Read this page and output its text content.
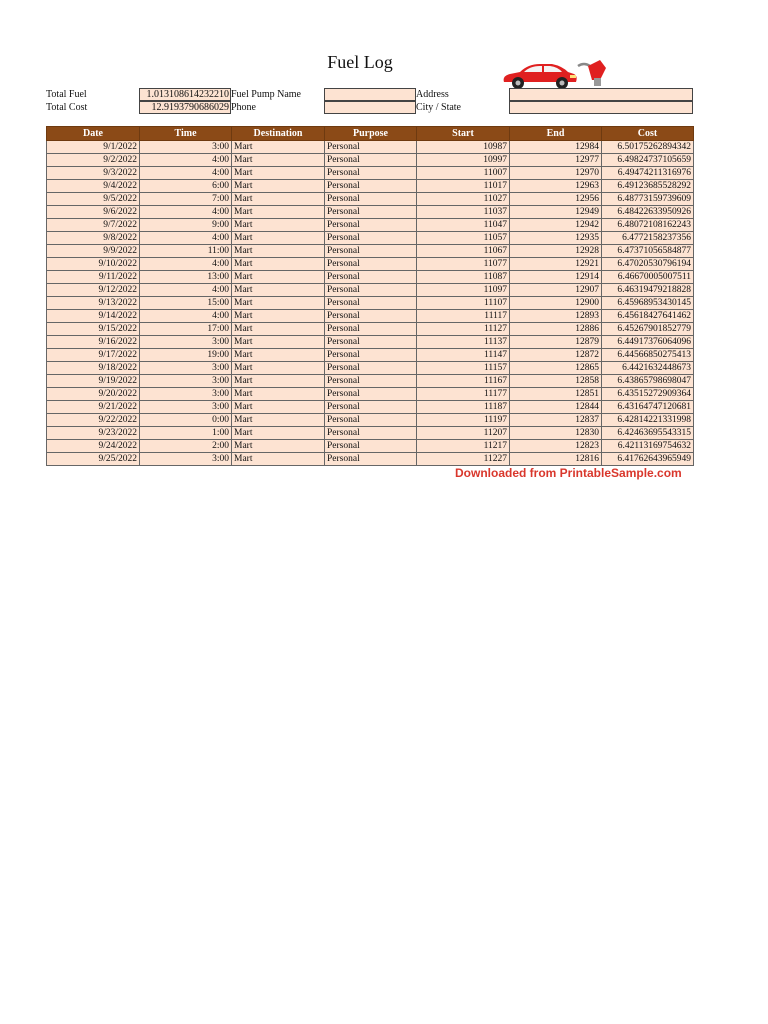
Fuel Log
Total Fuel	1.013108614232210
Total Cost	12.9193790686029
Fuel Pump Name
Phone
Address
City / State
Date	Time	Destination	Purpose	Start	End	Cost
9/1/2022	3:00	Mart	Personal	10987	12984	6.50175262894342
9/2/2022	4:00	Mart	Personal	10997	12977	6.49824737105659
9/3/2022	4:00	Mart	Personal	11007	12970	6.49474211316976
9/4/2022	6:00	Mart	Personal	11017	12963	6.49123685528292
9/5/2022	7:00	Mart	Personal	11027	12956	6.48773159739609
9/6/2022	4:00	Mart	Personal	11037	12949	6.48422633950926
9/7/2022	9:00	Mart	Personal	11047	12942	6.48072108162243
9/8/2022	4:00	Mart	Personal	11057	12935	6.4772158237356
9/9/2022	11:00	Mart	Personal	11067	12928	6.47371056584877
9/10/2022	4:00	Mart	Personal	11077	12921	6.47020530796194
9/11/2022	13:00	Mart	Personal	11087	12914	6.46670005007511
9/12/2022	4:00	Mart	Personal	11097	12907	6.46319479218828
9/13/2022	15:00	Mart	Personal	11107	12900	6.45968953430145
9/14/2022	4:00	Mart	Personal	11117	12893	6.45618427641462
9/15/2022	17:00	Mart	Personal	11127	12886	6.45267901852779
9/16/2022	3:00	Mart	Personal	11137	12879	6.44917376064096
9/17/2022	19:00	Mart	Personal	11147	12872	6.44566850275413
9/18/2022	3:00	Mart	Personal	11157	12865	6.4421632448673
9/19/2022	3:00	Mart	Personal	11167	12858	6.43865798698047
9/20/2022	3:00	Mart	Personal	11177	12851	6.43515272909364
9/21/2022	3:00	Mart	Personal	11187	12844	6.43164747120681
9/22/2022	0:00	Mart	Personal	11197	12837	6.42814221331998
9/23/2022	1:00	Mart	Personal	11207	12830	6.42463695543315
9/24/2022	2:00	Mart	Personal	11217	12823	6.42113169754632
9/25/2022	3:00	Mart	Personal	11227	12816	6.41762643965949
Downloaded from PrintableSample.com
